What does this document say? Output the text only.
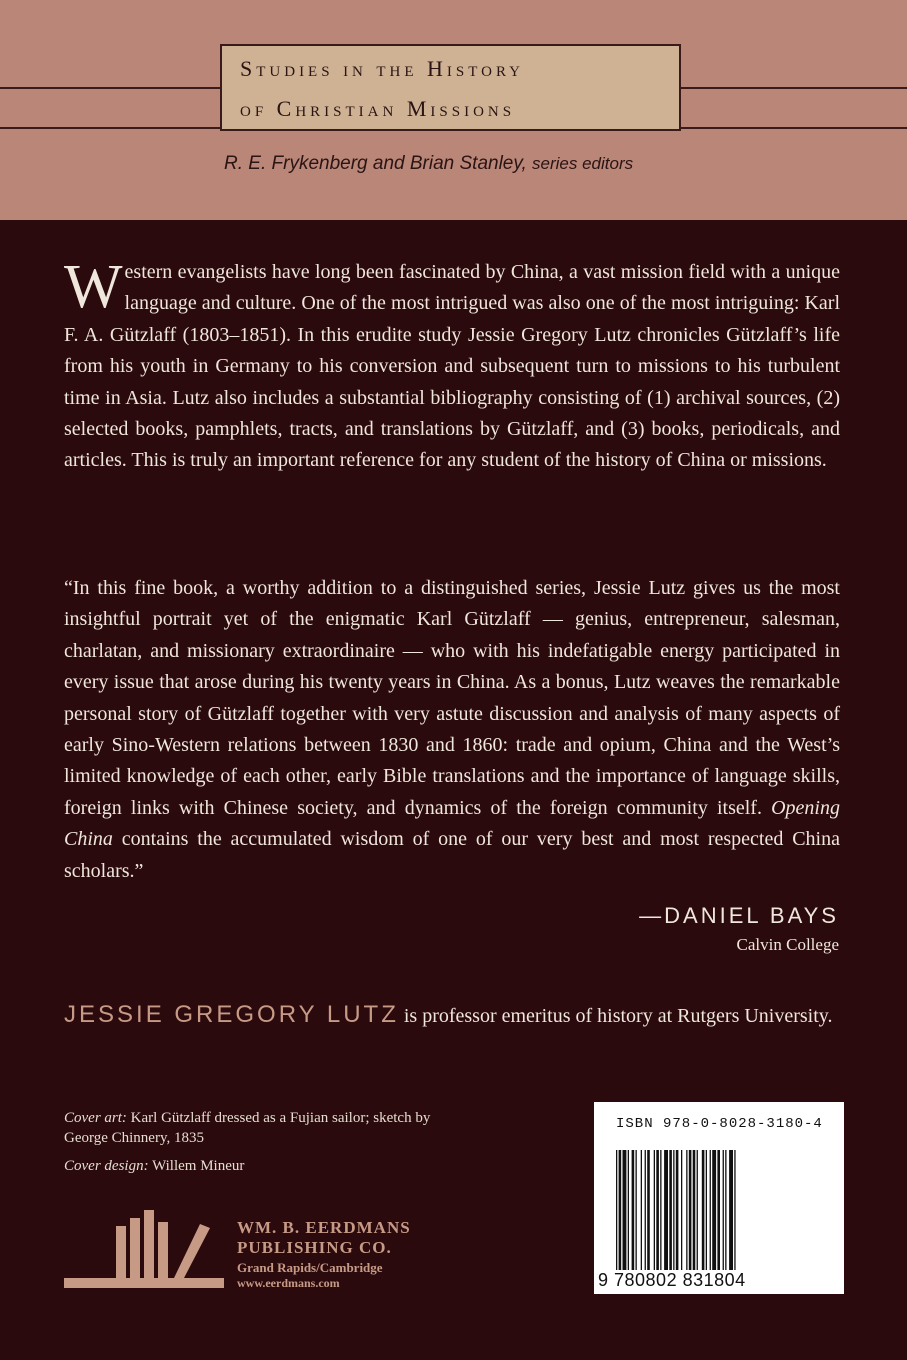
Studies in the History
of Christian Missions
R. E. Frykenberg and Brian Stanley, series editors
Western evangelists have long been fascinated by China, a vast mission field with a unique language and culture. One of the most intrigued was also one of the most intriguing: Karl F. A. Gützlaff (1803–1851). In this erudite study Jessie Gregory Lutz chronicles Gützlaff’s life from his youth in Germany to his conversion and subsequent turn to missions to his turbulent time in Asia. Lutz also includes a substantial bibliography consisting of (1) archival sources, (2) selected books, pamphlets, tracts, and translations by Gützlaff, and (3) books, periodicals, and articles. This is truly an important reference for any student of the history of China or missions.
“In this fine book, a worthy addition to a distinguished series, Jessie Lutz gives us the most insightful portrait yet of the enigmatic Karl Gützlaff — genius, entrepreneur, salesman, charlatan, and missionary extraordinaire — who with his indefatigable energy participated in every issue that arose during his twenty years in China. As a bonus, Lutz weaves the remarkable personal story of Gützlaff together with very astute discussion and analysis of many aspects of early Sino-Western relations between 1830 and 1860: trade and opium, China and the West’s limited knowledge of each other, early Bible translations and the importance of language skills, foreign links with Chinese society, and dynamics of the foreign community itself. Opening China contains the accumulated wisdom of one of our very best and most respected China scholars.”
—DANIEL BAYS
Calvin College
JESSIE GREGORY LUTZ is professor emeritus of history at Rutgers University.
Cover art: Karl Gützlaff dressed as a Fujian sailor; sketch by George Chinnery, 1835
Cover design: Willem Mineur
WM. B. EERDMANS
PUBLISHING CO.
Grand Rapids/Cambridge
www.eerdmans.com
ISBN 978-0-8028-3180-4
9 780802 831804
